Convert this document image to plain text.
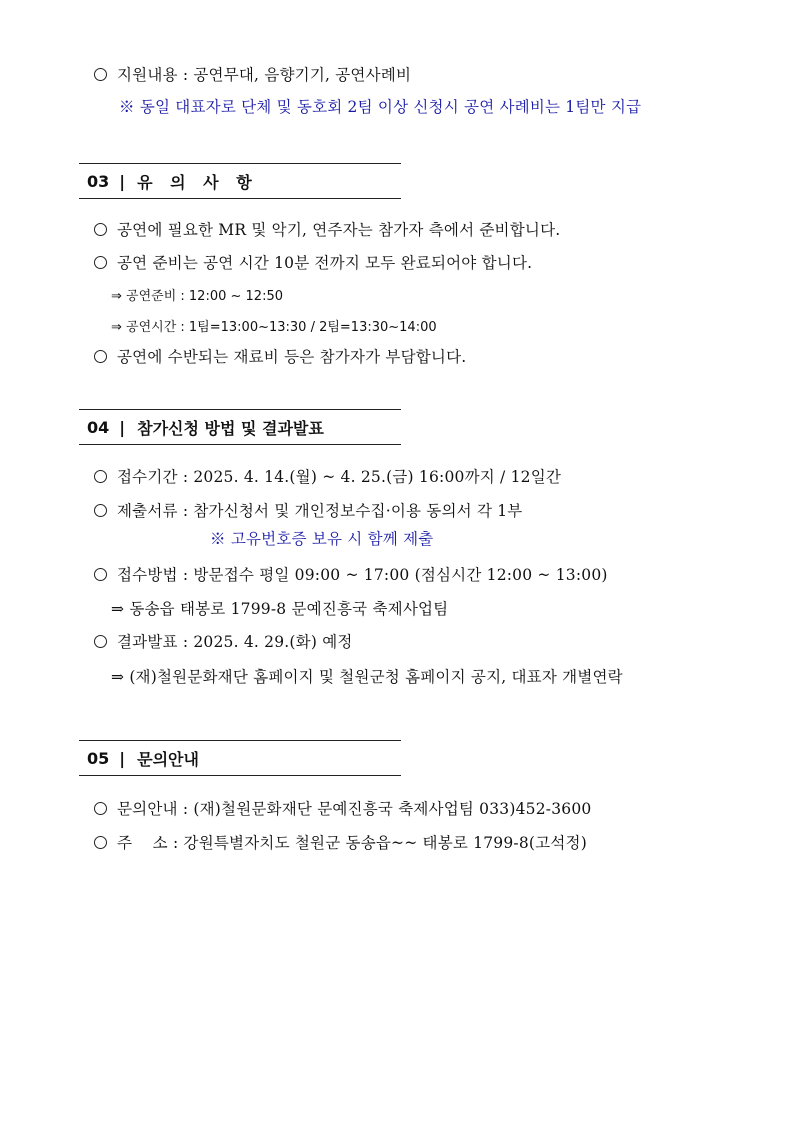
지원내용 : 공연무대, 음향기기, 공연사례비
※ 동일 대표자로 단체 및 동호회 2팀 이상 신청시 공연 사례비는 1팀만 지급
03 | 유 의 사 항
공연에 필요한 MR 및 악기, 연주자는 참가자 측에서 준비합니다.
공연 준비는 공연 시간 10분 전까지 모두 완료되어야 합니다.
⇒ 공연준비 : 12:00 ~ 12:50
⇒ 공연시간 : 1팀=13:00~13:30 / 2팀=13:30~14:00
공연에 수반되는 재료비 등은 참가자가 부담합니다.
04 | 참가신청 방법 및 결과발표
접수기간 : 2025. 4. 14.(월) ~ 4. 25.(금) 16:00까지 / 12일간
제출서류 : 참가신청서 및 개인정보수집·이용 동의서 각 1부
※ 고유번호증 보유 시 함께 제출
접수방법 : 방문접수 평일 09:00 ~ 17:00 (점심시간 12:00 ~ 13:00)
⇒ 동송읍 태봉로 1799-8 문예진흥국 축제사업팀
결과발표 : 2025. 4. 29.(화) 예정
⇒ (재)철원문화재단 홈페이지 및 철원군청 홈페이지 공지, 대표자 개별연락
05 | 문의안내
문의안내 : (재)철원문화재단 문예진흥국 축제사업팀 033)452-3600
주    소 : 강원특별자치도 철원군 동송읍~~ 태봉로 1799-8(고석정)
